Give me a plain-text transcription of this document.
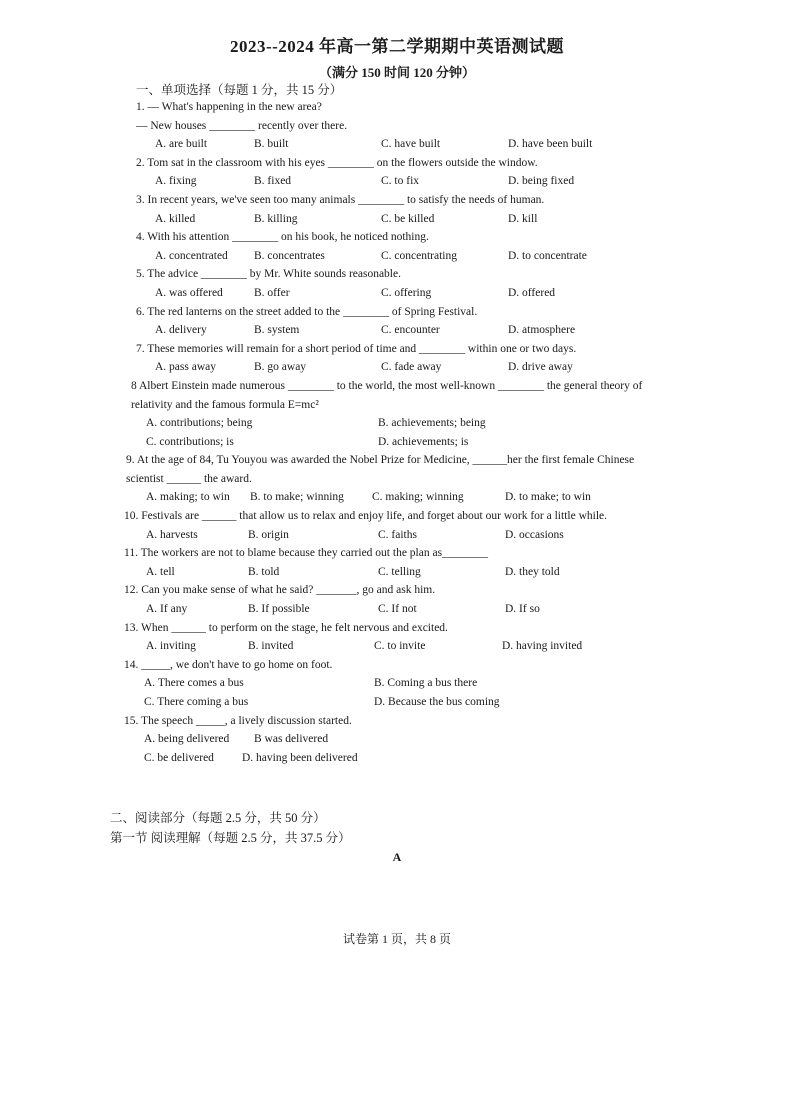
2023--2024 年高一第二学期期中英语测试题
（满分 150 时间 120 分钟）
一、单项选择（每题 1 分，共 15 分）
1. — What's happening in the new area?
— New houses ________ recently over there.
A. are built	B. built	C. have built	D. have been built
2. Tom sat in the classroom with his eyes ________ on the flowers outside the window.
A. fixing	B. fixed	C. to fix	D. being fixed
3. In recent years, we've seen too many animals ________ to satisfy the needs of human.
A. killed	B. killing	C. be killed	D. kill
4. With his attention ________ on his book, he noticed nothing.
A. concentrated B. concentrates	C. concentrating	D. to concentrate
5. The advice ________ by Mr. White sounds reasonable.
A. was offered	B. offer	C. offering	D. offered
6. The red lanterns on the street added to the ________ of Spring Festival.
A. delivery	B. system	C. encounter	D. atmosphere
7. These memories will remain for a short period of time and ________ within one or two days.
A. pass away	B. go away	C. fade away	D. drive away
8 Albert Einstein made numerous ________ to the world, the most well-known ________ the general theory of
relativity and the famous formula E=mc²
A. contributions; being	B. achievements; being
C. contributions; is	D. achievements; is
9. At the age of 84, Tu Youyou was awarded the Nobel Prize for Medicine, ______her the first female Chinese
scientist ______ the award.
A. making; to win B. to make; winning C. making; winning	D. to make; to win
10. Festivals are ______ that allow us to relax and enjoy life, and forget about our work for a little while.
A. harvests	B. origin	C. faiths	D. occasions
11. The workers are not to blame because they carried out the plan as________
A. tell	B. told	C. telling	D. they told
12. Can you make sense of what he said? _______, go and ask him.
A. If any	B. If possible	C. If not	D. If so
13. When ______ to perform on the stage, he felt nervous and excited.
A. inviting	B. invited	C. to invite	D. having invited
14. _____, we don't have to go home on foot.
A. There comes a bus	B. Coming a bus there
C. There coming a bus	D. Because the bus coming
15. The speech _____, a lively discussion started.
A. being delivered B was delivered
C. be delivered D. having been delivered
二、阅读部分（每题 2.5 分，共 50 分）
第一节 阅读理解（每题 2.5 分，共 37.5 分）
A
试卷第 1 页，共 8 页
